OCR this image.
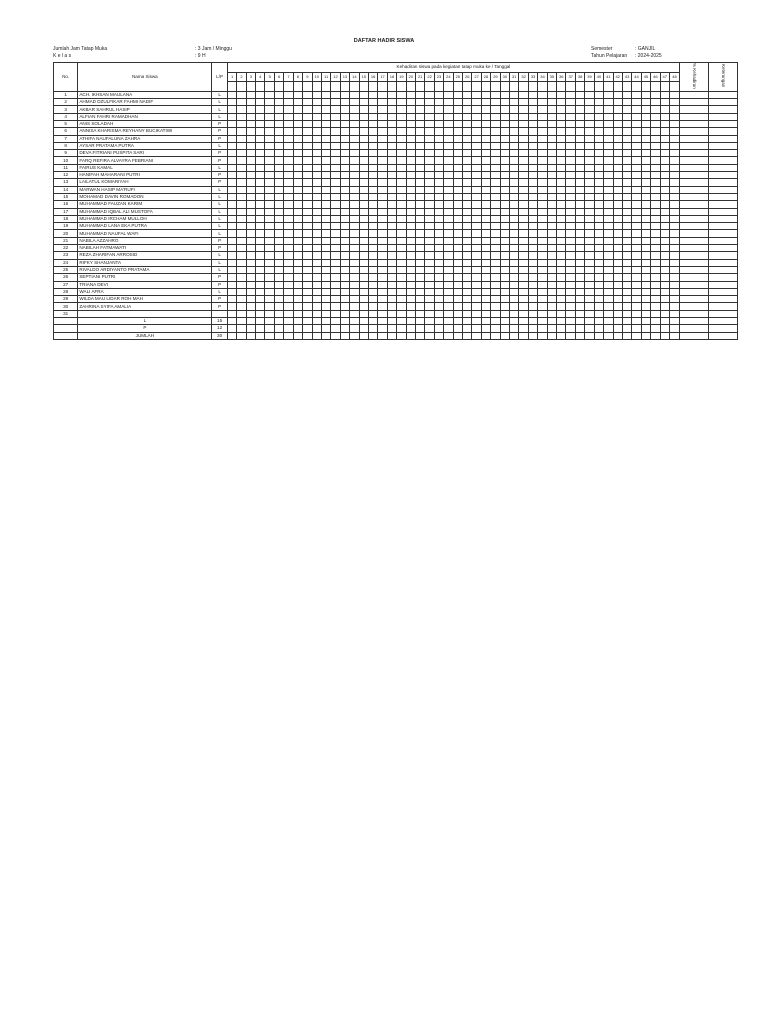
DAFTAR HADIR SISWA
Jumlah Jam Tatap Muka	: 3 Jam / Minggu
K e l a s	: 9 H
Semester	: GANJIL
Tahun Pelajaran : 2024-2025
No.	Nama Siswa	L/P	Kehadiran siswa pada kegiatan tatap muka ke / Tanggal																																																% Kehadiran	Keterangan
			1	2	3	4	5	6	7	8	9	10	11	12	13	14	15	16	17	18	19	20	21	22	23	24	25	26	27	28	29	30	31	32	33	34	35	36	37	38	39	40	41	42	43	44	45	46	47	48		

1	ACH. IKHSAN MAULANA	L																																																		
2	AHMAD DZULFIKAR FAHMI NADIF	L																																																		
3	AKBAR SAHRUL HASIP	L																																																		
4	ALFIAN FAHRI RAMADHAN	L																																																		
5	ANIS SOLADAH	P																																																		
6	ANNISA KHARISMA REYHANY BUCIKATIWI	P																																																		
7	ATHIFA NAUFALUNA ZAHRA	P																																																		
8	AYSAR PRATAMA PUTRA	L																																																		
9	DEVA FITRIANI PUSPITA SARI	P																																																		
10	FARQ REFIRA ALVAYRA FEBRIANI	P																																																		
11	FAIRUS KAMAL	L																																																		
12	HANIFAH MAHARANI PUTRI	P																																																		
13	LAILATUL KOMARIYAH	P																																																		
14	MARWAN HASIP MA'RUFI	L																																																		
15	MOHAMAD DAVIN ROMADON	L																																																		
16	MUHAMMAD FAUZAN KARIM	L																																																		
17	MUHAMMAD IQBAL ALI MUSTOFA	L																																																		
18	MUHAMMAD IRCHAM MULLOH	L																																																		
19	MUHAMMAD LANA EKA PUTRA	L																																																		
20	MUHAMMAD NAUFAL WAFI	L																																																		
21	NABILA AZZAHRO	P																																																		
22	NABILAH FATMAWATI	P																																																		
23	REZA ZHARIFAN ARROSID	L																																																		
24	RIFKY SHANJANTA	L																																																		
25	RIVALDO ARDIYANTO PRATAMA	L																																																		
26	SEPTIANI PUTRI	P																																																		
27	TRIANA DEVI	P																																																		
28	WALI AFRA	L																																																		
29	WILDA MAU LIDAR ROH MAH	P																																																		
30	ZAHRINA SYIFA AMALIA	P																																																		
31																																																				
	L	15																																																		
	P	12																																																		
	JUMLAH	30																																																		
